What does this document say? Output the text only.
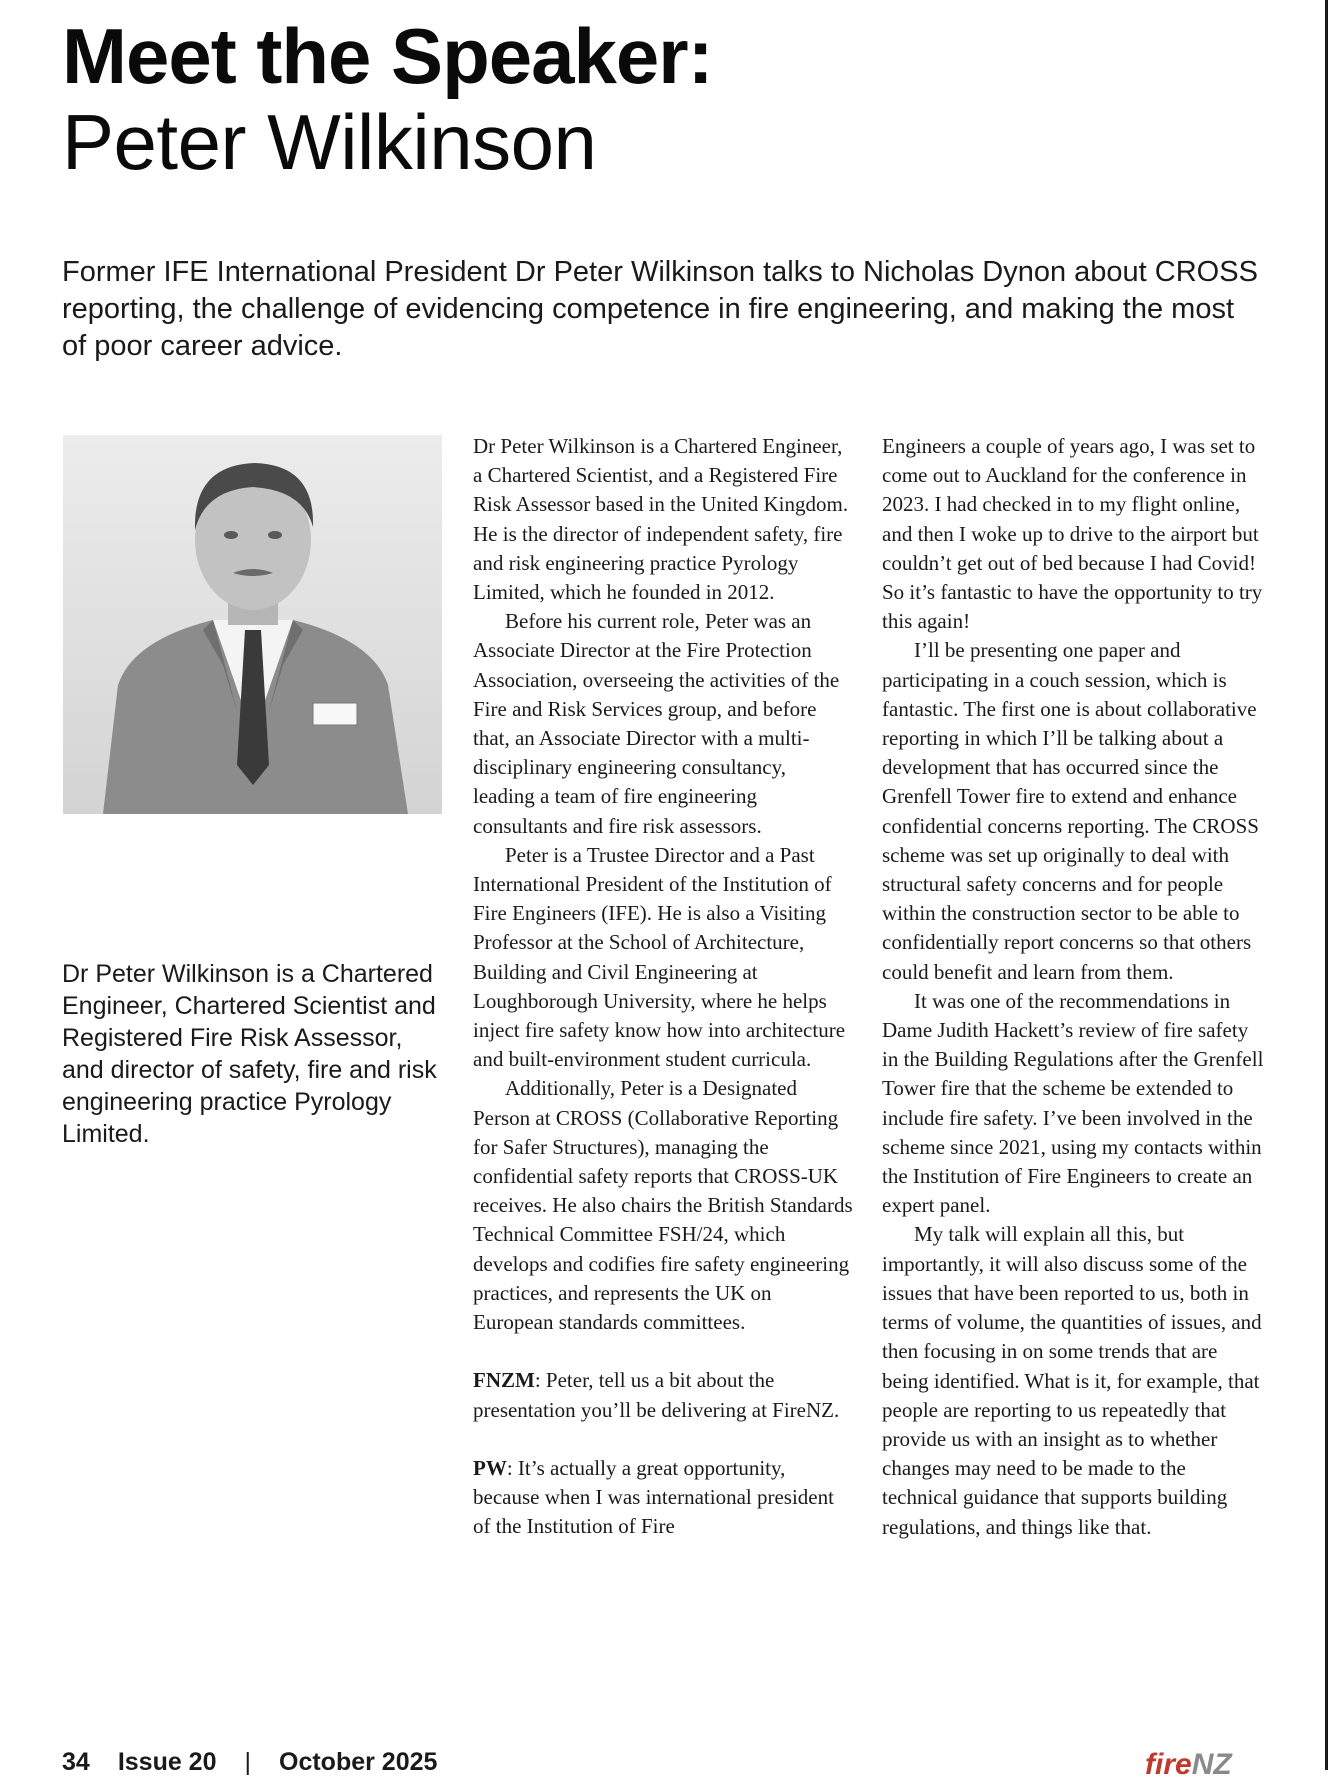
Meet the Speaker:
Peter Wilkinson

Former IFE International President Dr Peter Wilkinson talks to Nicholas Dynon about CROSS reporting, the challenge of evidencing competence in fire engineering, and making the most of poor career advice.

Dr Peter Wilkinson is a Chartered Engineer, Chartered Scientist and Registered Fire Risk Assessor, and director of safety, fire and risk engineering practice Pyrology Limited.

Dr Peter Wilkinson is a Chartered Engineer, a Chartered Scientist, and a Registered Fire Risk Assessor based in the United Kingdom. He is the director of independent safety, fire and risk engineering practice Pyrology Limited, which he founded in 2012.

Before his current role, Peter was an Associate Director at the Fire Protection Association, overseeing the activities of the Fire and Risk Services group, and before that, an Associate Director with a multi-disciplinary engineering consultancy, leading a team of fire engineering consultants and fire risk assessors.

Peter is a Trustee Director and a Past International President of the Institution of Fire Engineers (IFE). He is also a Visiting Professor at the School of Architecture, Building and Civil Engineering at Loughborough University, where he helps inject fire safety know how into architecture and built-environment student curricula.

Additionally, Peter is a Designated Person at CROSS (Collaborative Reporting for Safer Structures), managing the confidential safety reports that CROSS-UK receives. He also chairs the British Standards Technical Committee FSH/24, which develops and codifies fire safety engineering practices, and represents the UK on European standards committees.

FNZM: Peter, tell us a bit about the presentation you’ll be delivering at FireNZ.

PW: It’s actually a great opportunity, because when I was international president of the Institution of Fire

Engineers a couple of years ago, I was set to come out to Auckland for the conference in 2023. I had checked in to my flight online, and then I woke up to drive to the airport but couldn’t get out of bed because I had Covid! So it’s fantastic to have the opportunity to try this again!

I’ll be presenting one paper and participating in a couch session, which is fantastic. The first one is about collaborative reporting in which I’ll be talking about a development that has occurred since the Grenfell Tower fire to extend and enhance confidential concerns reporting. The CROSS scheme was set up originally to deal with structural safety concerns and for people within the construction sector to be able to confidentially report concerns so that others could benefit and learn from them.

It was one of the recommendations in Dame Judith Hackett’s review of fire safety in the Building Regulations after the Grenfell Tower fire that the scheme be extended to include fire safety. I’ve been involved in the scheme since 2021, using my contacts within the Institution of Fire Engineers to create an expert panel.

My talk will explain all this, but importantly, it will also discuss some of the issues that have been reported to us, both in terms of volume, the quantities of issues, and then focusing in on some trends that are being identified. What is it, for example, that people are reporting to us repeatedly that provide us with an insight as to whether changes may need to be made to the technical guidance that supports building regulations, and things like that.

34 Issue 20 | October 2025	fireNZ
